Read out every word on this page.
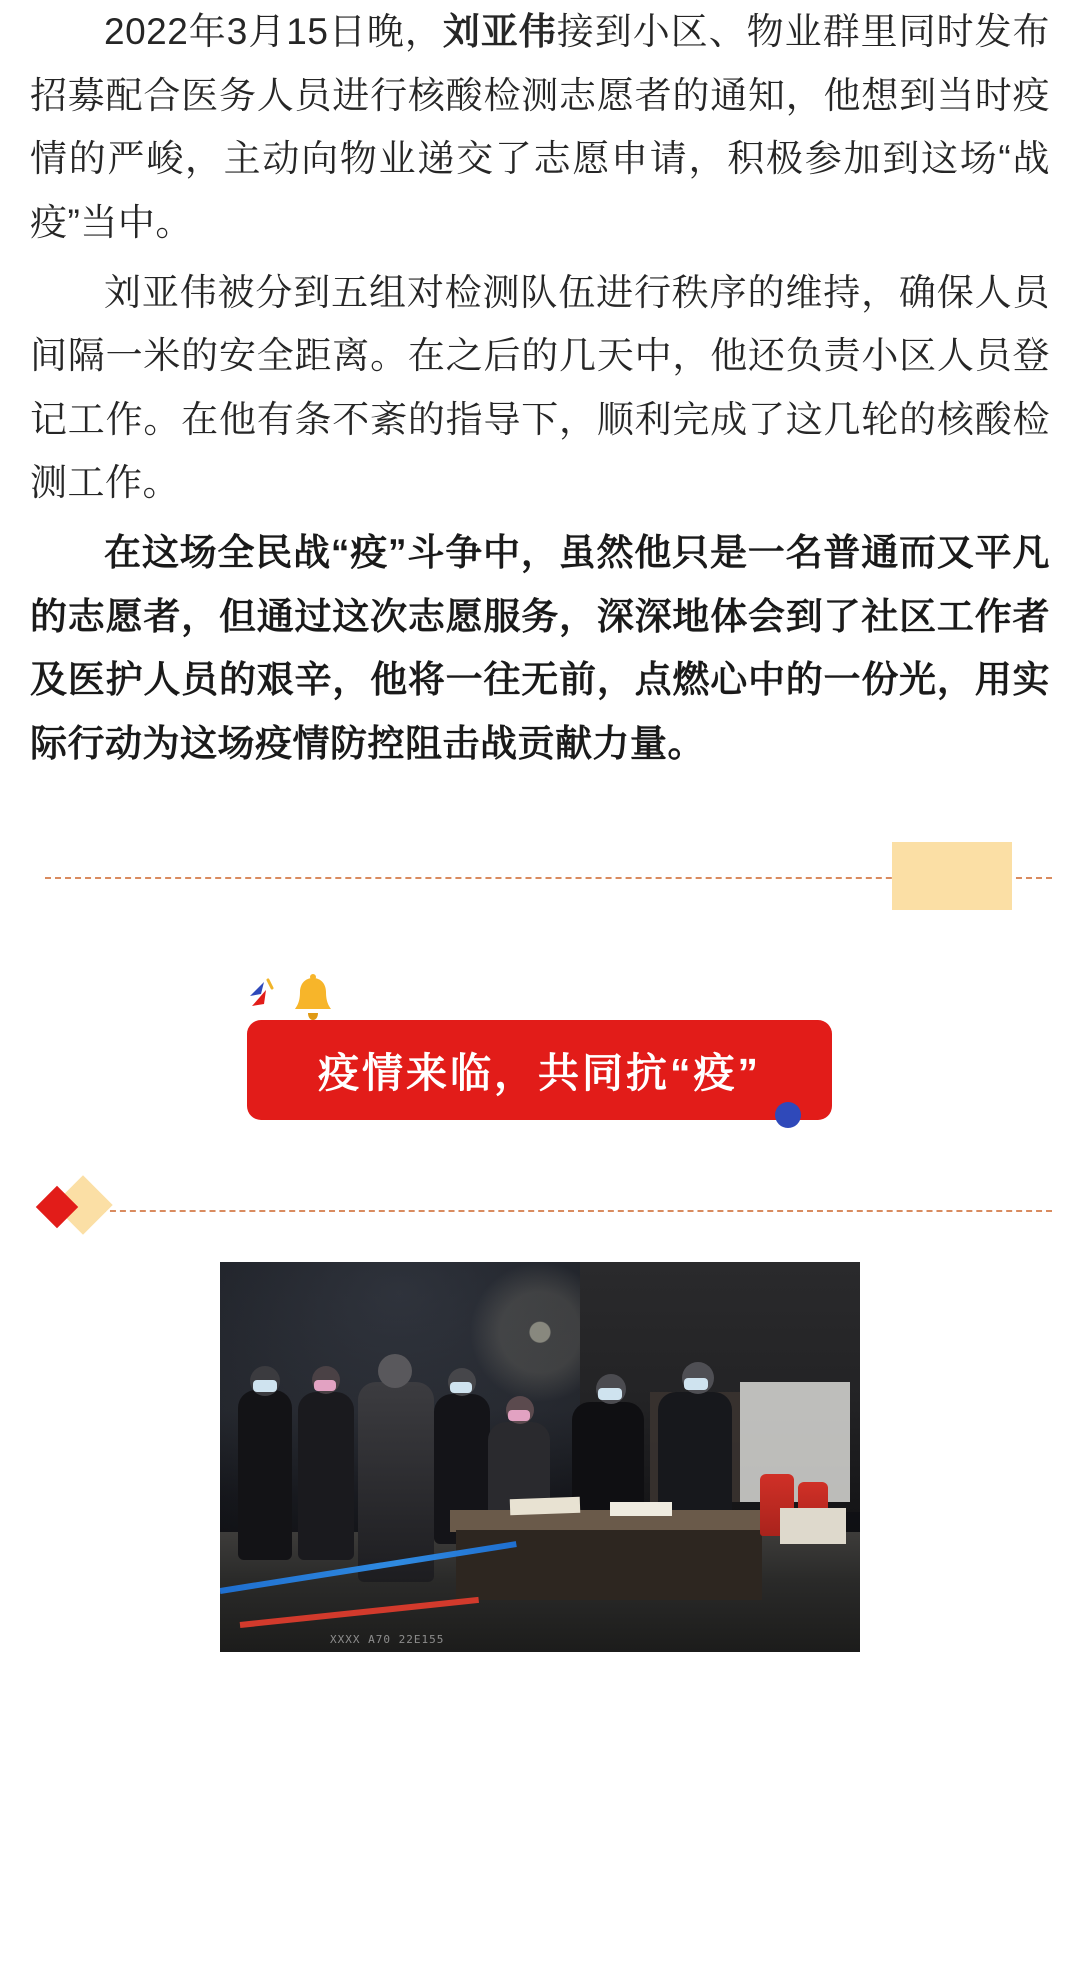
2022年3月15日晚，刘亚伟接到小区、物业群里同时发布招募配合医务人员进行核酸检测志愿者的通知，他想到当时疫情的严峻，主动向物业递交了志愿申请，积极参加到这场“战疫”当中。

刘亚伟被分到五组对检测队伍进行秩序的维持，确保人员间隔一米的安全距离。在之后的几天中，他还负责小区人员登记工作。在他有条不紊的指导下，顺利完成了这几轮的核酸检测工作。

在这场全民战“疫”斗争中，虽然他只是一名普通而又平凡的志愿者，但通过这次志愿服务，深深地体会到了社区工作者及医护人员的艰辛，他将一往无前，点燃心中的一份光，用实际行动为这场疫情防控阻击战贡献力量。

疫情来临，共同抗“疫”
XXXX A70 22E155
